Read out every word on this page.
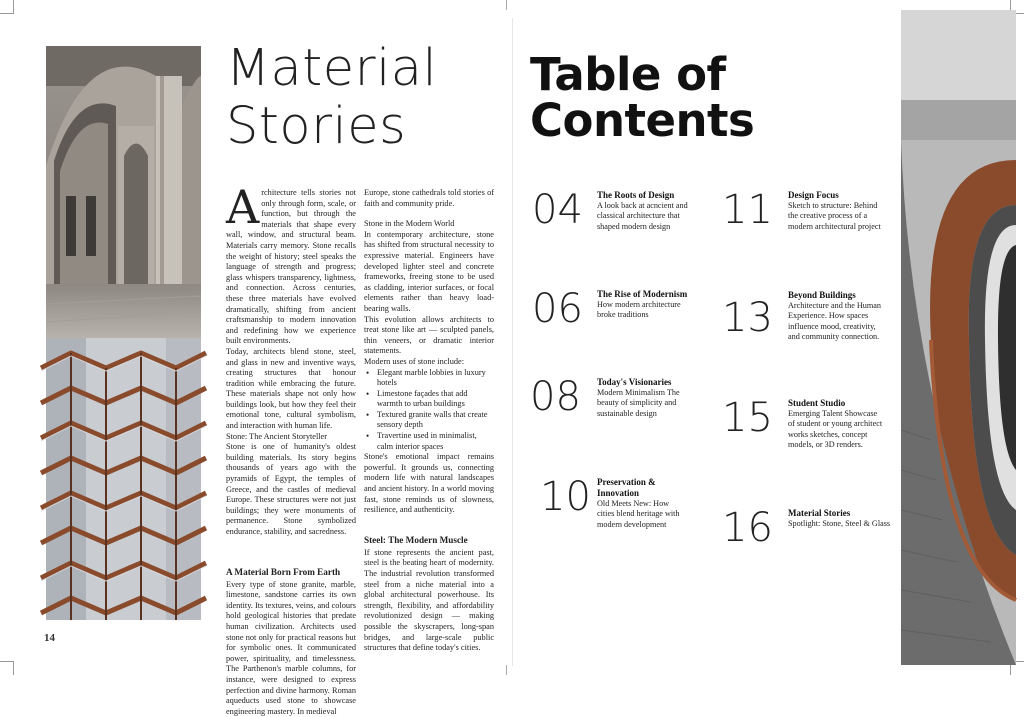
Material
Stories

Architecture tells stories not only through form, scale, or function, but through the materials that shape every wall, window, and structural beam. Materials carry memory. Stone recalls the weight of history; steel speaks the language of strength and progress; glass whispers transparency, lightness, and connection. Across centuries, these three materials have evolved dramatically, shifting from ancient craftsmanship to modern innovation and redefining how we experience built environments.

Today, architects blend stone, steel, and glass in new and inventive ways, creating structures that honour tradition while embracing the future. These materials shape not only how buildings look, but how they feel their emotional tone, cultural symbolism, and interaction with human life.

Stone: The Ancient Storyteller

Stone is one of humanity's oldest building materials. Its story begins thousands of years ago with the pyramids of Egypt, the temples of Greece, and the castles of medieval Europe. These structures were not just buildings; they were monuments of permanence. Stone symbolized endurance, stability, and sacredness.

A Material Born From Earth

Every type of stone granite, marble, limestone, sandstone carries its own identity. Its textures, veins, and colours hold geological histories that predate human civilization. Architects used stone not only for practical reasons but for symbolic ones. It communicated power, spirituality, and timelessness. The Parthenon's marble columns, for instance, were designed to express perfection and divine harmony. Roman aqueducts used stone to showcase engineering mastery. In medieval

Europe, stone cathedrals told stories of faith and community pride.

Stone in the Modern World

In contemporary architecture, stone has shifted from structural necessity to expressive material. Engineers have developed lighter steel and concrete frameworks, freeing stone to be used as cladding, interior surfaces, or focal elements rather than heavy load-bearing walls.

This evolution allows architects to treat stone like art — sculpted panels, thin veneers, or dramatic interior statements.

Modern uses of stone include:

• Elegant marble lobbies in luxury hotels
• Limestone façades that add warmth to urban buildings
• Textured granite walls that create sensory depth
• Travertine used in minimalist, calm interior spaces

Stone's emotional impact remains powerful. It grounds us, connecting modern life with natural landscapes and ancient history. In a world moving fast, stone reminds us of slowness, resilience, and authenticity.

Steel: The Modern Muscle

If stone represents the ancient past, steel is the beating heart of modernity. The industrial revolution transformed steel from a niche material into a global architectural powerhouse. Its strength, flexibility, and affordability revolutionized design — making possible the skyscrapers, long-span bridges, and large-scale public structures that define today's cities.

14
Table of
Contents
04 The Roots of Design
A look back at acncient and classical architecture that shaped modern design
06 The Rise of Modernism
How modern architecture broke traditions
08 Today's Visionaries
Modern Minimalism The beauty of simplicity and sustainable design
10 Preservation & Innovation
Old Meets New: How cities blend heritage with modern development
11 Design Focus
Sketch to structure: Behind the creative process of a modern architectural project
13 Beyond Buildings
Architecture and the Human Experience. How spaces influence mood, creativity, and community connection.
15 Student Studio
Emerging Talent Showcase of student or young architect works sketches, concept models, or 3D renders.
16 Material Stories
Spotlight: Stone, Steel & Glass
